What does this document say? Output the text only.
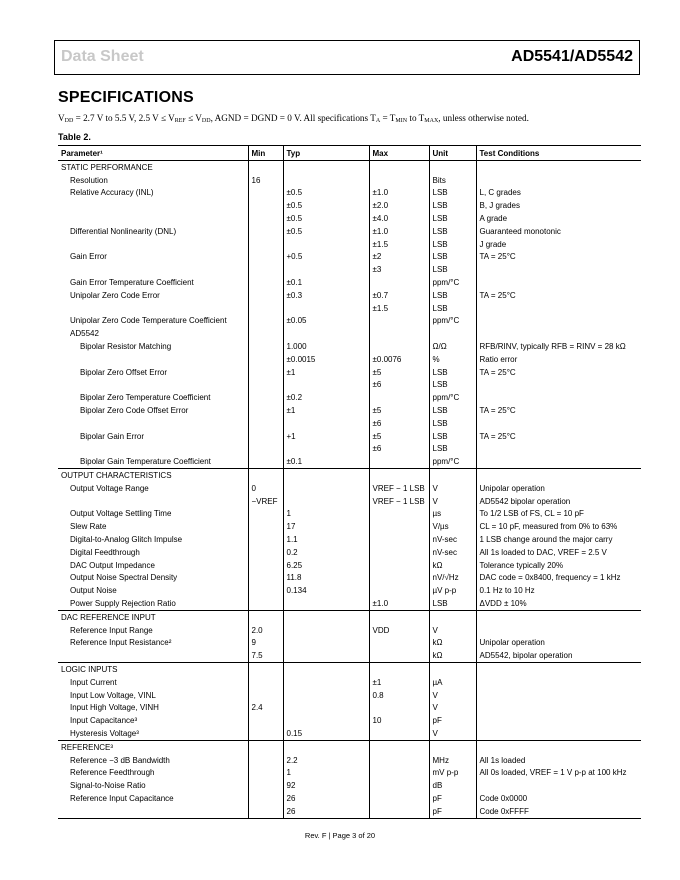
Data Sheet	AD5541/AD5542
SPECIFICATIONS
$V_{DD} = 2.7$ V to 5.5 V, 2.5 $V \le V_{REF} \le V_{DD}$, AGND = DGND = 0 V. All specifications $T_A = T_{MIN}$ to $T_{MAX}$, unless otherwise noted.
Table 2.
Parameter¹	Min	Typ	Max	Unit	Test Conditions
STATIC PERFORMANCE					
Resolution	16			Bits	
Relative Accuracy (INL)		±0.5	±1.0	LSB	L, C grades
		±0.5	±2.0	LSB	B, J grades
		±0.5	±4.0	LSB	A grade
Differential Nonlinearity (DNL)		±0.5	±1.0	LSB	Guaranteed monotonic
			±1.5	LSB	J grade
Gain Error		+0.5	±2	LSB	TA = 25°C
			±3	LSB	
Gain Error Temperature Coefficient		±0.1		ppm/°C	
Unipolar Zero Code Error		±0.3	±0.7	LSB	TA = 25°C
			±1.5	LSB	
Unipolar Zero Code Temperature Coefficient		±0.05		ppm/°C	
AD5542					
Bipolar Resistor Matching		1.000		Ω/Ω	RFB/RINV, typically RFB = RINV = 28 kΩ
		±0.0015	±0.0076	%	Ratio error
Bipolar Zero Offset Error		±1	±5	LSB	TA = 25°C
			±6	LSB	
Bipolar Zero Temperature Coefficient		±0.2		ppm/°C	
Bipolar Zero Code Offset Error		±1	±5	LSB	TA = 25°C
			±6	LSB	
Bipolar Gain Error		+1	±5	LSB	TA = 25°C
			±6	LSB	
Bipolar Gain Temperature Coefficient		±0.1		ppm/°C	
OUTPUT CHARACTERISTICS					
Output Voltage Range	0		VREF − 1 LSB	V	Unipolar operation
	−VREF		VREF − 1 LSB	V	AD5542 bipolar operation
Output Voltage Settling Time		1		µs	To 1/2 LSB of FS, CL = 10 pF
Slew Rate		17		V/µs	CL = 10 pF, measured from 0% to 63%
Digital-to-Analog Glitch Impulse		1.1		nV-sec	1 LSB change around the major carry
Digital Feedthrough		0.2		nV-sec	All 1s loaded to DAC, VREF = 2.5 V
DAC Output Impedance		6.25		kΩ	Tolerance typically 20%
Output Noise Spectral Density		11.8		nV/√Hz	DAC code = 0x8400, frequency = 1 kHz
Output Noise		0.134		µV p-p	0.1 Hz to 10 Hz
Power Supply Rejection Ratio			±1.0	LSB	ΔVDD ± 10%
DAC REFERENCE INPUT					
Reference Input Range	2.0		VDD	V	
Reference Input Resistance²	9			kΩ	Unipolar operation
	7.5			kΩ	AD5542, bipolar operation
LOGIC INPUTS					
Input Current			±1	µA	
Input Low Voltage, VINL			0.8	V	
Input High Voltage, VINH	2.4			V	
Input Capacitance³			10	pF	
Hysteresis Voltage³		0.15		V	
REFERENCE³					
Reference −3 dB Bandwidth		2.2		MHz	All 1s loaded
Reference Feedthrough		1		mV p-p	All 0s loaded, VREF = 1 V p-p at 100 kHz
Signal-to-Noise Ratio		92		dB	
Reference Input Capacitance		26		pF	Code 0x0000
		26		pF	Code 0xFFFF
Rev. F | Page 3 of 20
